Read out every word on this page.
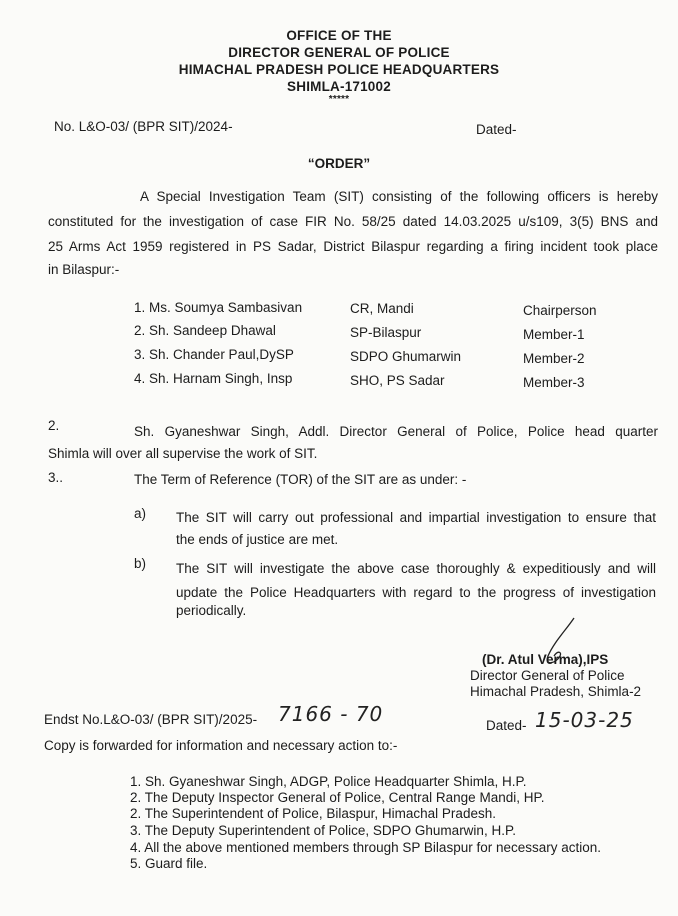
OFFICE OF THE
DIRECTOR GENERAL OF POLICE
HIMACHAL PRADESH POLICE HEADQUARTERS
SHIMLA-171002
*****
No. L&O-03/ (BPR SIT)/2024-	Dated-
“ORDER”
A Special Investigation Team (SIT) consisting of the following officers is hereby
constituted for the investigation of case FIR No. 58/25 dated 14.03.2025 u/s109, 3(5) BNS and
25 Arms Act 1959 registered in PS Sadar, District Bilaspur regarding a firing incident took place
in Bilaspur:-
1. Ms. Soumya Sambasivan	CR, Mandi	Chairperson
2. Sh. Sandeep Dhawal	SP-Bilaspur	Member-1
3. Sh. Chander Paul,DySP	SDPO Ghumarwin	Member-2
4. Sh. Harnam Singh, Insp	SHO, PS Sadar	Member-3
2.	Sh. Gyaneshwar Singh, Addl. Director General of Police, Police head quarter
Shimla will over all supervise the work of SIT.
3..	The Term of Reference (TOR) of the SIT are as under: -
a) The SIT will carry out professional and impartial investigation to ensure that
the ends of justice are met.
b) The SIT will investigate the above case thoroughly & expeditiously and will
update the Police Headquarters with regard to the progress of investigation
periodically.
(Dr. Atul Verma),IPS
Director General of Police
Himachal Pradesh, Shimla-2
Endst No.L&O-03/ (BPR SIT)/2025- 7166 - 70	Dated- 15-03-25
Copy is forwarded for information and necessary action to:-
1. Sh. Gyaneshwar Singh, ADGP, Police Headquarter Shimla, H.P.
2. The Deputy Inspector General of Police, Central Range Mandi, HP.
2. The Superintendent of Police, Bilaspur, Himachal Pradesh.
3. The Deputy Superintendent of Police, SDPO Ghumarwin, H.P.
4. All the above mentioned members through SP Bilaspur for necessary action.
5. Guard file.
